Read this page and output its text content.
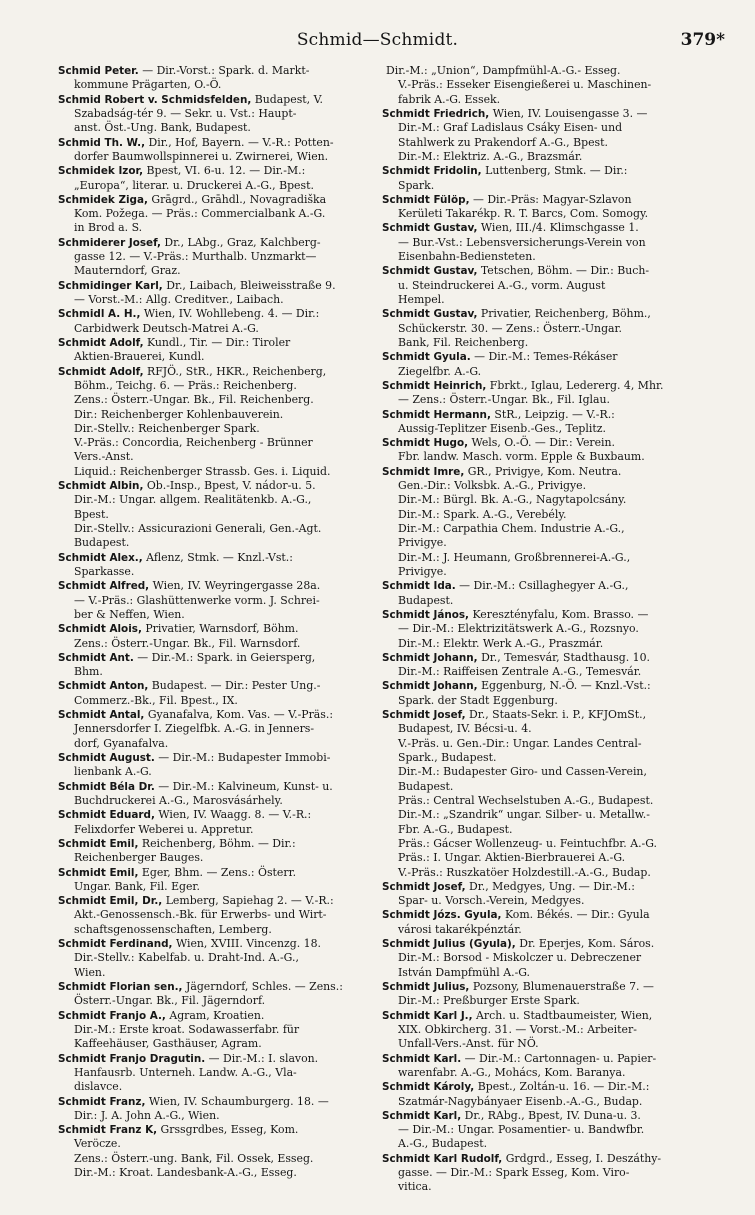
Schmid—Schmidt.	379*
Schmid Peter. — Dir.-Vorst.: Spark. d. Markt-
kommune Prägarten, O.-Ö.
Schmid Robert v. Schmidsfelden, Budapest, V.
Szabadság-tér 9. — Sekr. u. Vst.: Haupt-
anst. Öst.-Ung. Bank, Budapest.
Schmid Th. W., Dir., Hof, Bayern. — V.-R.: Potten-
dorfer Baumwollspinnerei u. Zwirnerei, Wien.
Schmidek Izor, Bpest, VI. 6-u. 12. — Dir.-M.:
„Europa“, literar. u. Druckerei A.-G., Bpest.
Schmidek Ziga, Grāgrd., Grāhdl., Novagradiška
Kom. Požega. — Präs.: Commercialbank A.-G.
in Brod a. S.
Schmiderer Josef, Dr., LAbg., Graz, Kalchberg-
gasse 12. — V.-Präs.: Murthalb. Unzmarkt—
Mauterndorf, Graz.
Schmidinger Karl, Dr., Laibach, Bleiweisstraße 9.
— Vorst.-M.: Allg. Creditver., Laibach.
Schmidl A. H., Wien, IV. Wohllebeng. 4. — Dir.:
Carbidwerk Deutsch-Matrei A.-G.
Schmidt Adolf, Kundl., Tir. — Dir.: Tiroler
Aktien-Brauerei, Kundl.
Schmidt Adolf, RFJÖ., StR., HKR., Reichenberg,
Böhm., Teichg. 6. — Präs.: Reichenberg.
Zens.: Österr.-Ungar. Bk., Fil. Reichenberg.
Dir.: Reichenberger Kohlenbauverein.
Dir.-Stellv.: Reichenberger Spark.
V.-Präs.: Concordia, Reichenberg - Brünner
Vers.-Anst.
Liquid.: Reichenberger Strassb. Ges. i. Liquid.
Schmidt Albin, Ob.-Insp., Bpest, V. nádor-u. 5.
Dir.-M.: Ungar. allgem. Realitätenkb. A.-G.,
Bpest.
Dir.-Stellv.: Assicurazioni Generali, Gen.-Agt.
Budapest.
Schmidt Alex., Aflenz, Stmk. — Knzl.-Vst.:
Sparkasse.
Schmidt Alfred, Wien, IV. Weyringergasse 28a.
— V.-Präs.: Glashüttenwerke vorm. J. Schrei-
ber & Neffen, Wien.
Schmidt Alois, Privatier, Warnsdorf, Böhm.
Zens.: Österr.-Ungar. Bk., Fil. Warnsdorf.
Schmidt Ant. — Dir.-M.: Spark. in Geiersperg,
Bhm.
Schmidt Anton, Budapest. — Dir.: Pester Ung.-
Commerz.-Bk., Fil. Bpest., IX.
Schmidt Antal, Gyanafalva, Kom. Vas. — V.-Präs.:
Jennersdorfer I. Ziegelfbk. A.-G. in Jenners-
dorf, Gyanafalva.
Schmidt August. — Dir.-M.: Budapester Immobi-
lienbank A.-G.
Schmidt Béla Dr. — Dir.-M.: Kalvineum, Kunst- u.
Buchdruckerei A.-G., Marosvásárhely.
Schmidt Eduard, Wien, IV. Waagg. 8. — V.-R.:
Felixdorfer Weberei u. Appretur.
Schmidt Emil, Reichenberg, Böhm. — Dir.:
Reichenberger Bauges.
Schmidt Emil, Eger, Bhm. — Zens.: Österr.
Ungar. Bank, Fil. Eger.
Schmidt Emil, Dr., Lemberg, Sapiehag 2. — V.-R.:
Akt.-Genossensch.-Bk. für Erwerbs- und Wirt-
schaftsgenossenschaften, Lemberg.
Schmidt Ferdinand, Wien, XVIII. Vincenzg. 18.
Dir.-Stellv.: Kabelfab. u. Draht-Ind. A.-G.,
Wien.
Schmidt Florian sen., Jägerndorf, Schles. — Zens.:
Österr.-Ungar. Bk., Fil. Jägerndorf.
Schmidt Franjo A., Agram, Kroatien.
Dir.-M.: Erste kroat. Sodawasserfabr. für
Kaffeehäuser, Gasthäuser, Agram.
Schmidt Franjo Dragutin. — Dir.-M.: I. slavon.
Hanfausrb. Unterneh. Landw. A.-G., Vla-
dislavce.
Schmidt Franz, Wien, IV. Schaumburgerg. 18. —
Dir.: J. A. John A.-G., Wien.
Schmidt Franz K, Grssgrdbes, Esseg, Kom.
Veröcze.
Zens.: Österr.-ung. Bank, Fil. Ossek, Esseg.
Dir.-M.: Kroat. Landesbank-A.-G., Esseg.
Dir.-M.: „Union“, Dampfmühl-A.-G.- Esseg.
V.-Präs.: Esseker Eisengießerei u. Maschinen-
fabrik A.-G. Essek.
Schmidt Friedrich, Wien, IV. Louisengasse 3. —
Dir.-M.: Graf Ladislaus Csáky Eisen- und
Stahlwerk zu Prakendorf A.-G., Bpest.
Dir.-M.: Elektriz. A.-G., Brazsmár.
Schmidt Fridolin, Luttenberg, Stmk. — Dir.:
Spark.
Schmidt Fülöp, — Dir.-Präs: Magyar-Szlavon
Kerületi Takarékp. R. T. Barcs, Com. Somogy.
Schmidt Gustav, Wien, III./4. Klimschgasse 1.
— Bur.-Vst.: Lebensversicherungs-Verein von
Eisenbahn-Bediensteten.
Schmidt Gustav, Tetschen, Böhm. — Dir.: Buch-
u. Steindruckerei A.-G., vorm. August
Hempel.
Schmidt Gustav, Privatier, Reichenberg, Böhm.,
Schückerstr. 30. — Zens.: Österr.-Ungar.
Bank, Fil. Reichenberg.
Schmidt Gyula. — Dir.-M.: Temes-Rékáser
Ziegelfbr. A.-G.
Schmidt Heinrich, Fbrkt., Iglau, Ledererg. 4, Mhr.
— Zens.: Österr.-Ungar. Bk., Fil. Iglau.
Schmidt Hermann, StR., Leipzig. — V.-R.:
Aussig-Teplitzer Eisenb.-Ges., Teplitz.
Schmidt Hugo, Wels, O.-Ö. — Dir.: Verein.
Fbr. landw. Masch. vorm. Epple & Buxbaum.
Schmidt Imre, GR., Privigye, Kom. Neutra.
Gen.-Dir.: Volksbk. A.-G., Privigye.
Dir.-M.: Bürgl. Bk. A.-G., Nagytapolcsány.
Dir.-M.: Spark. A.-G., Verebély.
Dir.-M.: Carpathia Chem. Industrie A.-G.,
Privigye.
Dir.-M.: J. Heumann, Großbrennerei-A.-G.,
Privigye.
Schmidt Ida. — Dir.-M.: Csillaghegyer A.-G.,
Budapest.
Schmidt János, Keresztényfalu, Kom. Brasso. —
— Dir.-M.: Elektrizitätswerk A.-G., Rozsnyo.
Dir.-M.: Elektr. Werk A.-G., Praszmár.
Schmidt Johann, Dr., Temesvár, Stadthausg. 10.
Dir.-M.: Raiffeisen Zentrale A.-G., Temesvár.
Schmidt Johann, Eggenburg, N.-Ö. — Knzl.-Vst.:
Spark. der Stadt Eggenburg.
Schmidt Josef, Dr., Staats-Sekr. i. P., KFJOmSt.,
Budapest, IV. Bécsi-u. 4.
V.-Präs. u. Gen.-Dir.: Ungar. Landes Central-
Spark., Budapest.
Dir.-M.: Budapester Giro- und Cassen-Verein,
Budapest.
Präs.: Central Wechselstuben A.-G., Budapest.
Dir.-M.: „Szandrik“ ungar. Silber- u. Metallw.-
Fbr. A.-G., Budapest.
Präs.: Gácser Wollenzeug- u. Feintuchfbr. A.-G.
Präs.: I. Ungar. Aktien-Bierbrauerei A.-G.
V.-Präs.: Ruszkatöer Holzdestill.-A.-G., Budap.
Schmidt Josef, Dr., Medgyes, Ung. — Dir.-M.:
Spar- u. Vorsch.-Verein, Medgyes.
Schmidt Józs. Gyula, Kom. Békés. — Dir.: Gyula
városi takarékpénztár.
Schmidt Julius (Gyula), Dr. Eperjes, Kom. Sáros.
Dir.-M.: Borsod - Miskolczer u. Debreczener
István Dampfmühl A.-G.
Schmidt Julius, Pozsony, Blumenauerstraße 7. —
Dir.-M.: Preßburger Erste Spark.
Schmidt Karl J., Arch. u. Stadtbaumeister, Wien,
XIX. Obkircherg. 31. — Vorst.-M.: Arbeiter-
Unfall-Vers.-Anst. für NÖ.
Schmidt Karl. — Dir.-M.: Cartonnagen- u. Papier-
warenfabr. A.-G., Mohács, Kom. Baranya.
Schmidt Károly, Bpest., Zoltán-u. 16. — Dir.-M.:
Szatmár-Nagybányaer Eisenb.-A.-G., Budap.
Schmidt Karl, Dr., RAbg., Bpest, IV. Duna-u. 3.
— Dir.-M.: Ungar. Posamentier- u. Bandwfbr.
A.-G., Budapest.
Schmidt Karl Rudolf, Grdgrd., Esseg, I. Deszáthy-
gasse. — Dir.-M.: Spark Esseg, Kom. Viro-
vitica.
